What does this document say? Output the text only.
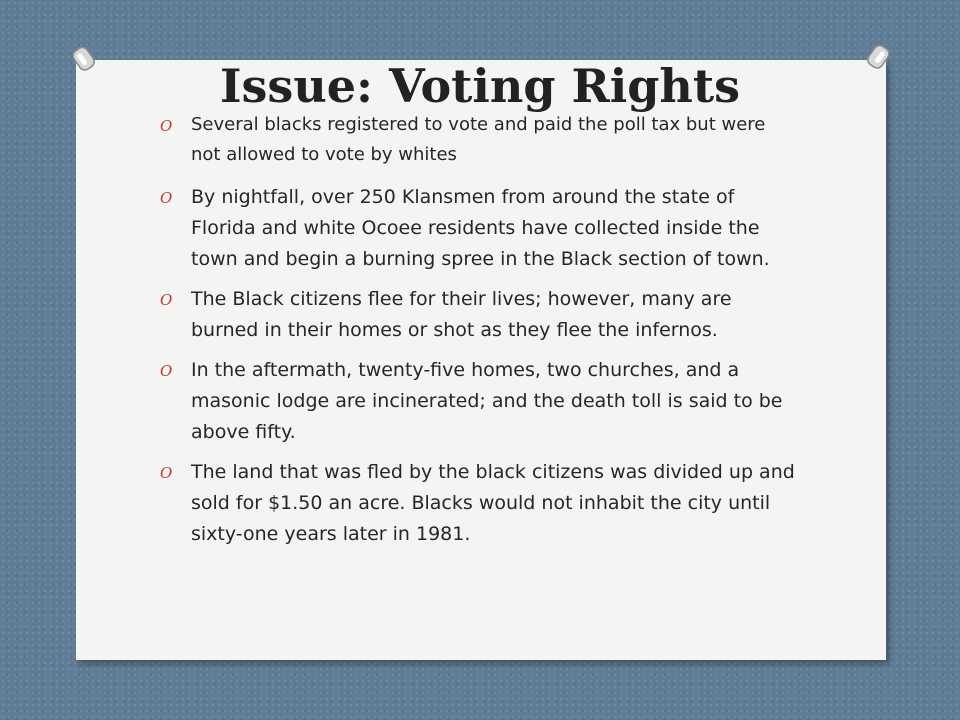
Issue: Voting Rights
O Several blacks registered to vote and paid the poll tax but were not allowed to vote by whites
O By nightfall, over 250 Klansmen from around the state of Florida and white Ocoee residents have collected inside the town and begin a burning spree in the Black section of town.
O The Black citizens flee for their lives; however, many are burned in their homes or shot as they flee the infernos.
O In the aftermath, twenty-five homes, two churches, and a masonic lodge are incinerated; and the death toll is said to be above fifty.
O The land that was fled by the black citizens was divided up and sold for $1.50 an acre. Blacks would not inhabit the city until sixty-one years later in 1981.
